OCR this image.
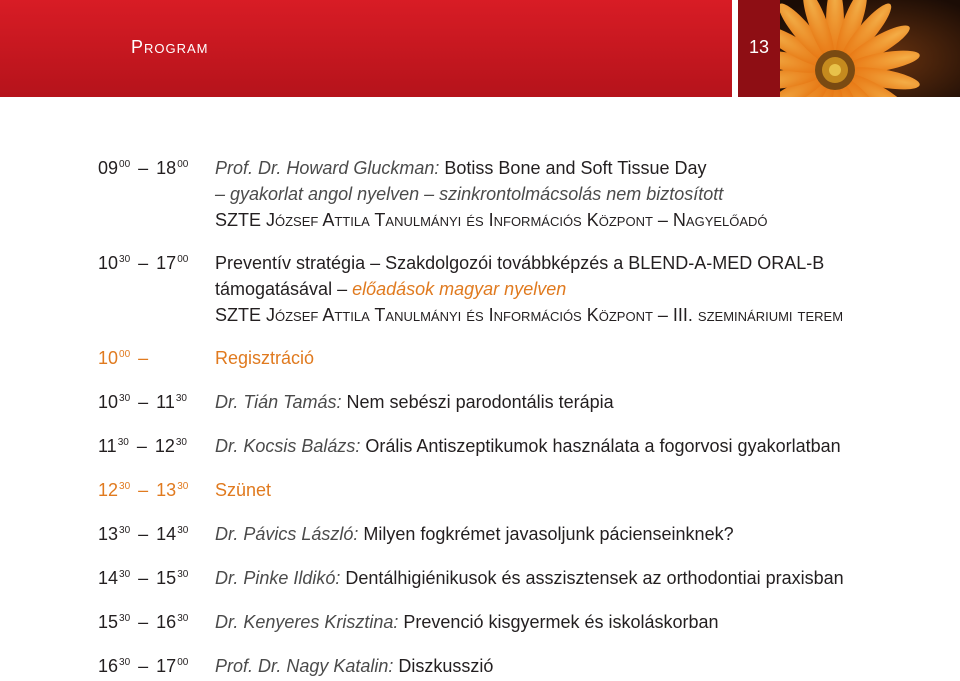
Program	13
$09^{00} - 18^{00}$ Prof. Dr. Howard Gluckman: Botiss Bone and Soft Tissue Day
– gyakorlat angol nyelven – szinkrontolmácsolás nem biztosított
SZTE József Attila Tanulmányi és Információs Központ – Nagyelőadó
$10^{30} - 17^{00}$ Preventív stratégia – Szakdolgozói továbbképzés a BLEND-A-MED ORAL-B
támogatásával – előadások magyar nyelven
SZTE József Attila Tanulmányi és Információs Központ – III. szemináriumi terem
$10^{00}$ –	Regisztráció
$10^{30} - 11^{30}$ Dr. Tián Tamás: Nem sebészi parodontális terápia
$11^{30} - 12^{30}$ Dr. Kocsis Balázs: Orális Antiszeptikumok használata a fogorvosi gyakorlatban
$12^{30} - 13^{30}$ Szünet
$13^{30} - 14^{30}$ Dr. Pávics László: Milyen fogkrémet javasoljunk pácienseinknek?
$14^{30} - 15^{30}$ Dr. Pinke Ildikó: Dentálhigiénikusok és asszisztensek az orthodontiai praxisban
$15^{30} - 16^{30}$ Dr. Kenyeres Krisztina: Prevenció kisgyermek és iskoláskorban
$16^{30} - 17^{00}$ Prof. Dr. Nagy Katalin: Diszkusszió
